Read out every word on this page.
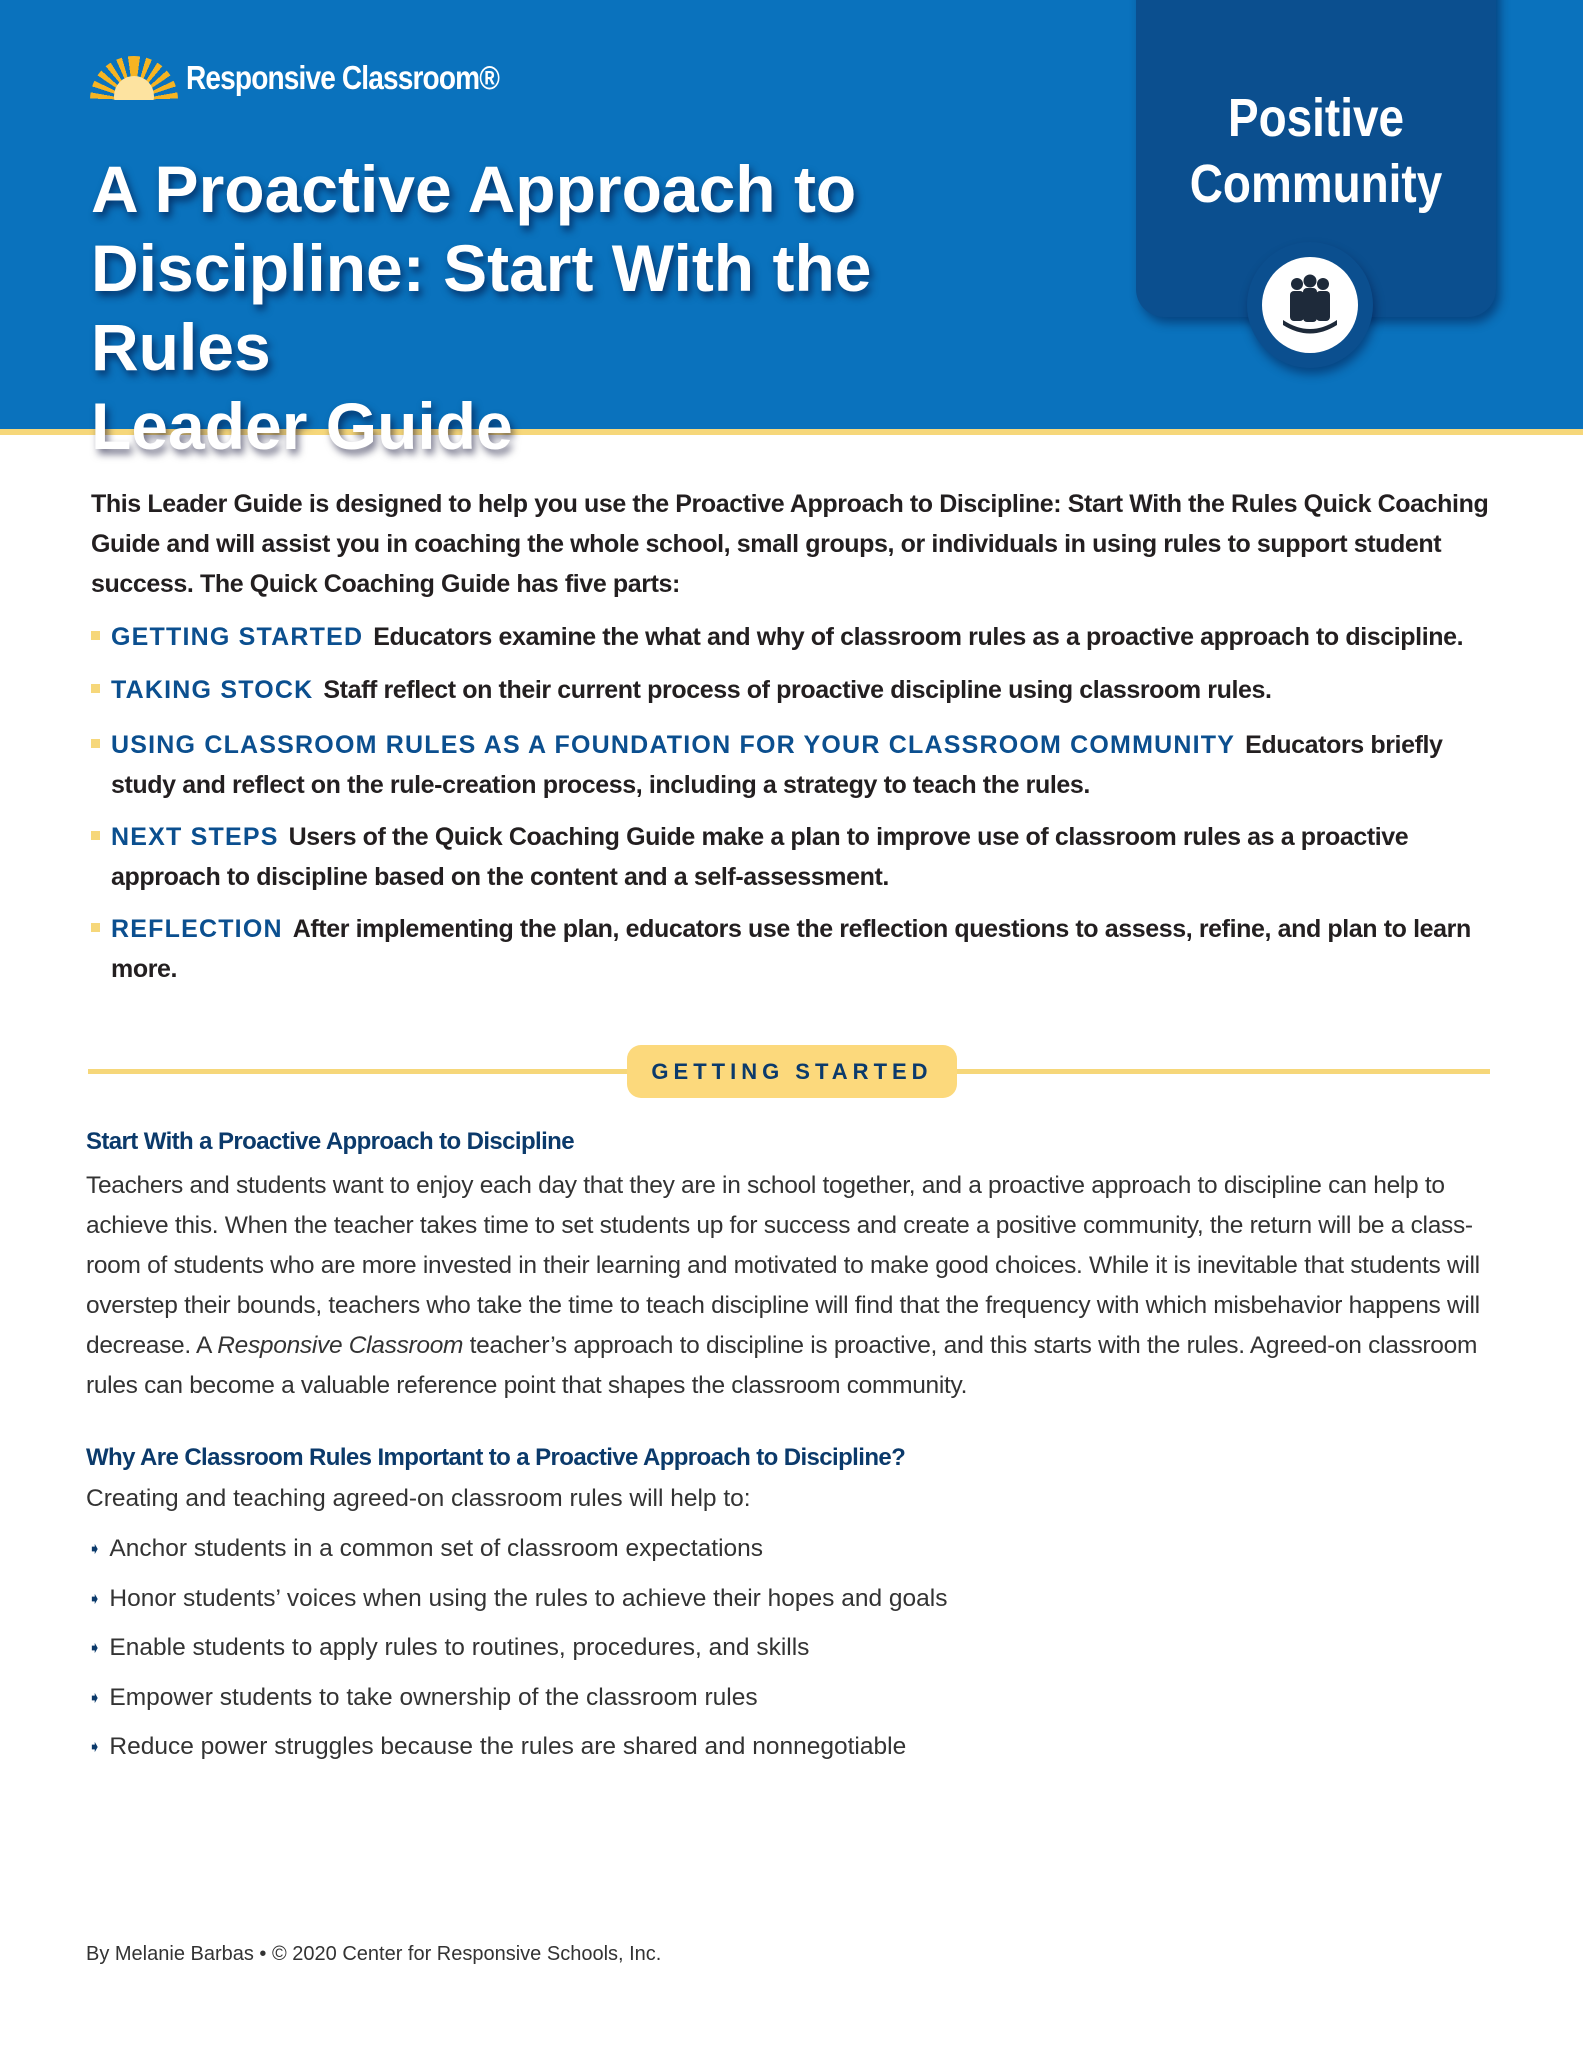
Responsive Classroom®
A Proactive Approach to
Discipline: Start With the Rules
Leader Guide
Positive
Community

This Leader Guide is designed to help you use the Proactive Approach to Discipline: Start With the Rules Quick Coaching Guide and will assist you in coaching the whole school, small groups, or individuals in using rules to support student success. The Quick Coaching Guide has five parts:

GETTING STARTED Educators examine the what and why of classroom rules as a proactive approach to discipline.
TAKING STOCK Staff reflect on their current process of proactive discipline using classroom rules.
USING CLASSROOM RULES AS A FOUNDATION FOR YOUR CLASSROOM COMMUNITY Educators briefly study and reflect on the rule-creation process, including a strategy to teach the rules.
NEXT STEPS Users of the Quick Coaching Guide make a plan to improve use of classroom rules as a proactive approach to discipline based on the content and a self-assessment.
REFLECTION After implementing the plan, educators use the reflection questions to assess, refine, and plan to learn more.
GETTING STARTED
Start With a Proactive Approach to Discipline

Teachers and students want to enjoy each day that they are in school together, and a proactive approach to discipline can help to achieve this. When the teacher takes time to set students up for success and create a positive community, the return will be a classroom of students who are more invested in their learning and motivated to make good choices. While it is inevitable that students will overstep their bounds, teachers who take the time to teach discipline will find that the frequency with which misbehavior happens will decrease. A Responsive Classroom teacher’s approach to discipline is proactive, and this starts with the rules. Agreed-on classroom rules can become a valuable reference point that shapes the classroom community.

Why Are Classroom Rules Important to a Proactive Approach to Discipline?

Creating and teaching agreed-on classroom rules will help to:

➧ Anchor students in a common set of classroom expectations
➧ Honor students’ voices when using the rules to achieve their hopes and goals
➧ Enable students to apply rules to routines, procedures, and skills
➧ Empower students to take ownership of the classroom rules
➧ Reduce power struggles because the rules are shared and nonnegotiable
By Melanie Barbas • © 2020 Center for Responsive Schools, Inc.
